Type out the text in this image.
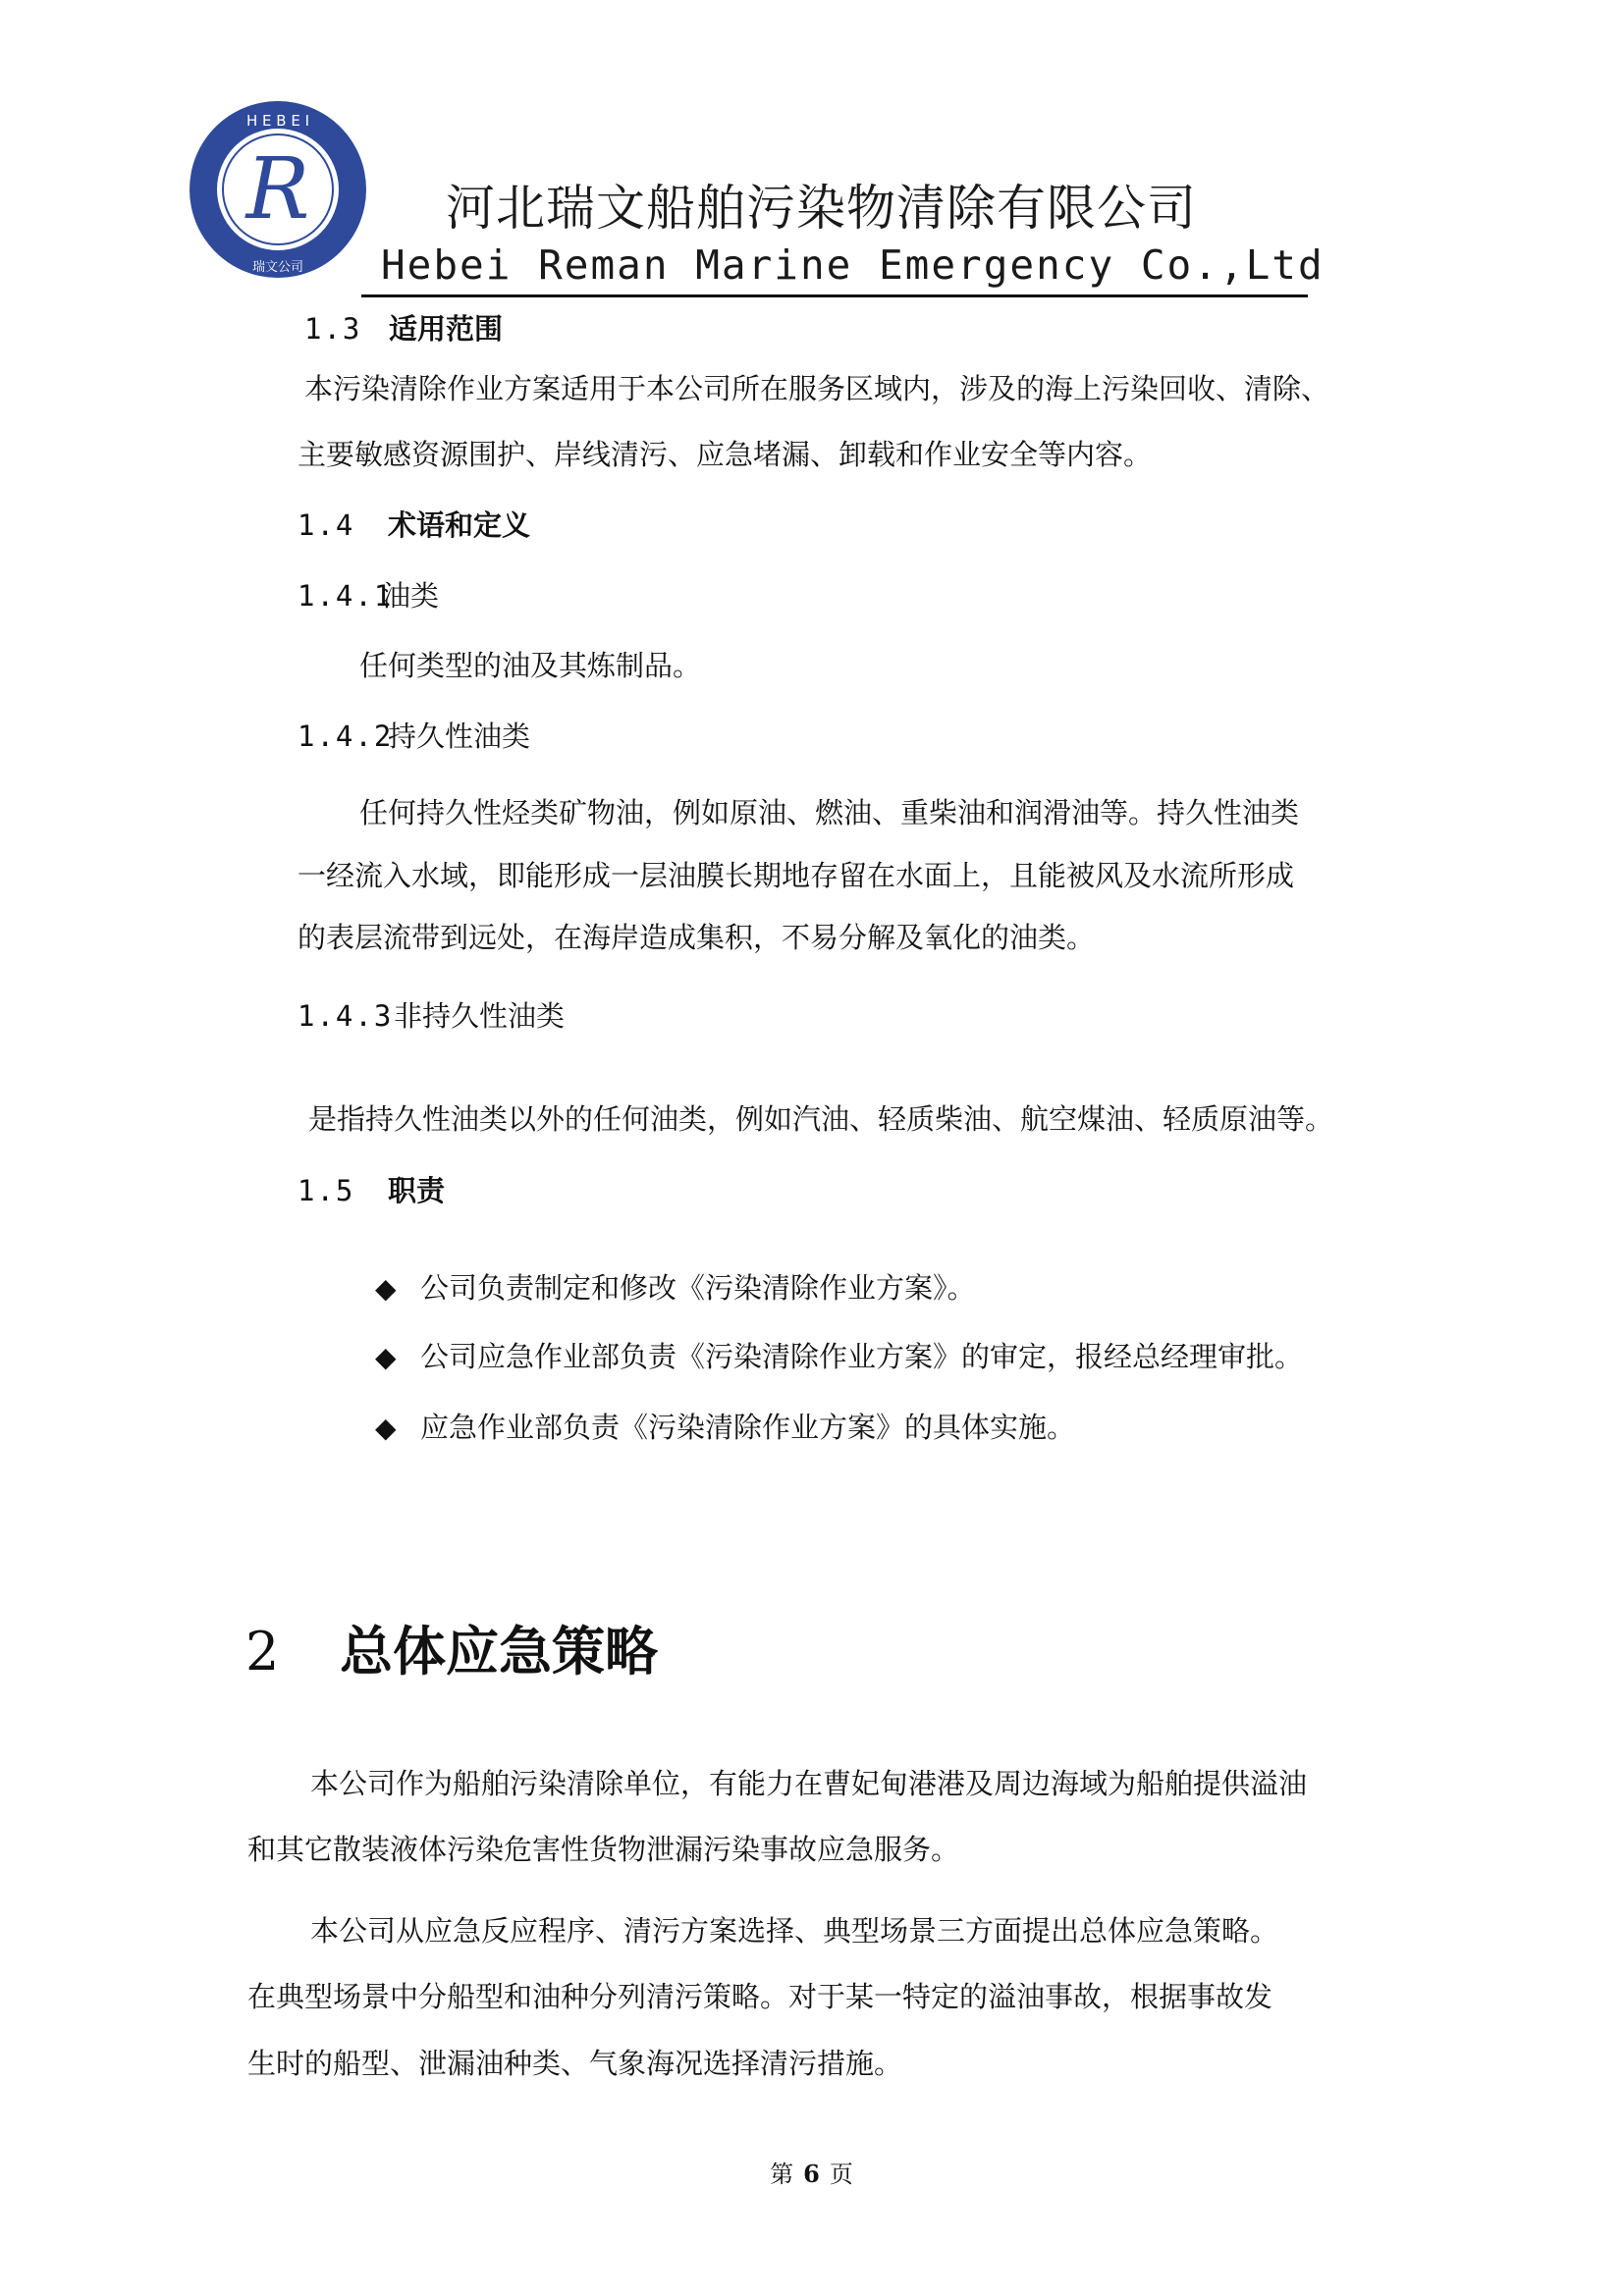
H E B E I
R
瑞文公司
河北瑞文船舶污染物清除有限公司
Hebei Reman Marine Emergency Co.,Ltd
1.3 适用范围
本污染清除作业方案适用于本公司所在服务区域内，涉及的海上污染回收、清除、
主要敏感资源围护、岸线清污、应急堵漏、卸载和作业安全等内容。
1.4 术语和定义
1.4.1油类
任何类型的油及其炼制品。
1.4.2持久性油类
任何持久性烃类矿物油，例如原油、燃油、重柴油和润滑油等。持久性油类
一经流入水域，即能形成一层油膜长期地存留在水面上，且能被风及水流所形成
的表层流带到远处，在海岸造成集积，不易分解及氧化的油类。
1.4.3非持久性油类
是指持久性油类以外的任何油类，例如汽油、轻质柴油、航空煤油、轻质原油等。
1.5 职责
◆ 公司负责制定和修改《污染清除作业方案》。
◆ 公司应急作业部负责《污染清除作业方案》的审定，报经总经理审批。
◆ 应急作业部负责《污染清除作业方案》的具体实施。
2 总体应急策略
本公司作为船舶污染清除单位，有能力在曹妃甸港港及周边海域为船舶提供溢油
和其它散装液体污染危害性货物泄漏污染事故应急服务。
本公司从应急反应程序、清污方案选择、典型场景三方面提出总体应急策略。
在典型场景中分船型和油种分列清污策略。对于某一特定的溢油事故，根据事故发
生时的船型、泄漏油种类、气象海况选择清污措施。
第 6 页
